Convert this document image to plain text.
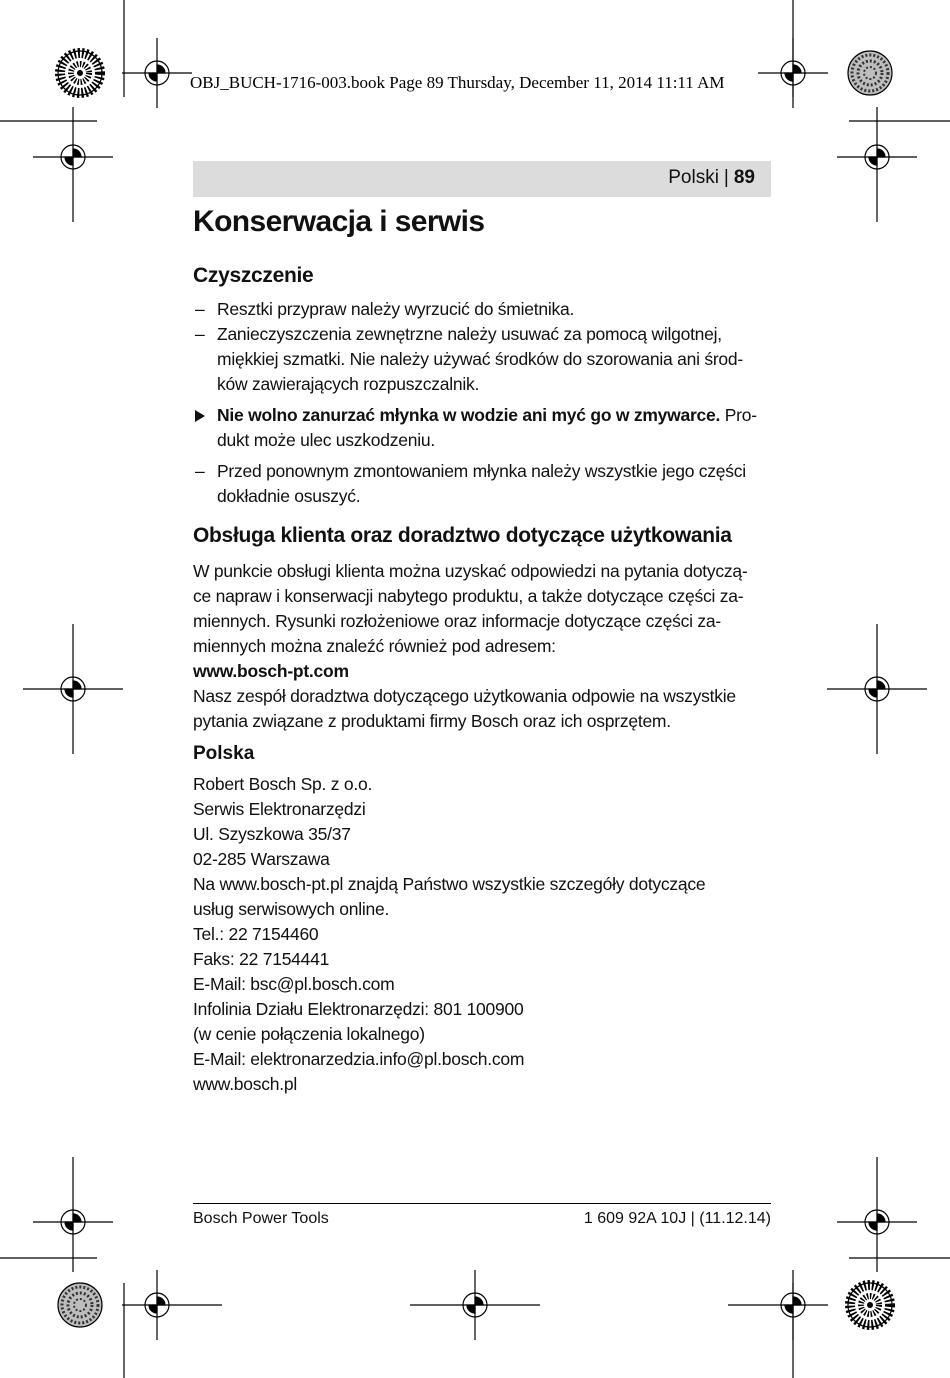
OBJ_BUCH-1716-003.book Page 89 Thursday, December 11, 2014 11:11 AM
Polski | 89
Konserwacja i serwis
Czyszczenie
– Resztki przypraw należy wyrzucić do śmietnika.
– Zanieczyszczenia zewnętrzne należy usuwać za pomocą wilgotnej,
miękkiej szmatki. Nie należy używać środków do szorowania ani środ-
ków zawierających rozpuszczalnik.
Nie wolno zanurzać młynka w wodzie ani myć go w zmywarce. Pro-
dukt może ulec uszkodzeniu.
– Przed ponownym zmontowaniem młynka należy wszystkie jego części
dokładnie osuszyć.
Obsługa klienta oraz doradztwo dotyczące użytkowania
W punkcie obsługi klienta można uzyskać odpowiedzi na pytania dotyczą-
ce napraw i konserwacji nabytego produktu, a także dotyczące części za-
miennych. Rysunki rozłożeniowe oraz informacje dotyczące części za-
miennych można znaleźć również pod adresem:
www.bosch-pt.com
Nasz zespół doradztwa dotyczącego użytkowania odpowie na wszystkie
pytania związane z produktami firmy Bosch oraz ich osprzętem.
Polska
Robert Bosch Sp. z o.o.
Serwis Elektronarzędzi
Ul. Szyszkowa 35/37
02-285 Warszawa
Na www.bosch-pt.pl znajdą Państwo wszystkie szczegóły dotyczące
usług serwisowych online.
Tel.: 22 7154460
Faks: 22 7154441
E-Mail: bsc@pl.bosch.com
Infolinia Działu Elektronarzędzi: 801 100900
(w cenie połączenia lokalnego)
E-Mail: elektronarzedzia.info@pl.bosch.com
www.bosch.pl
Bosch Power Tools	1 609 92A 10J | (11.12.14)
